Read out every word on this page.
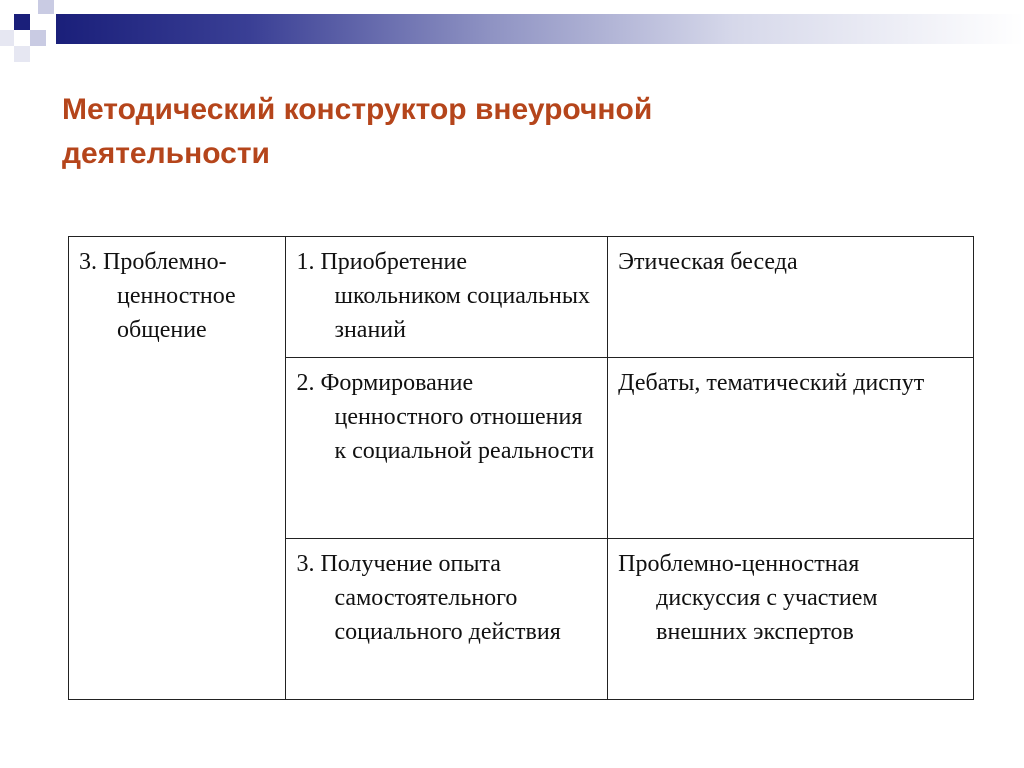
Методический конструктор внеурочной деятельности

3. Проблемно-ценностное общение	1. Приобретение школьником социальных знаний	Этическая беседа

	2. Формирование ценностного отношения к социальной реальности	Дебаты, тематический диспут

	3. Получение опыта самостоятельного социального действия	Проблемно-ценностная дискуссия с участием внешних экспертов
